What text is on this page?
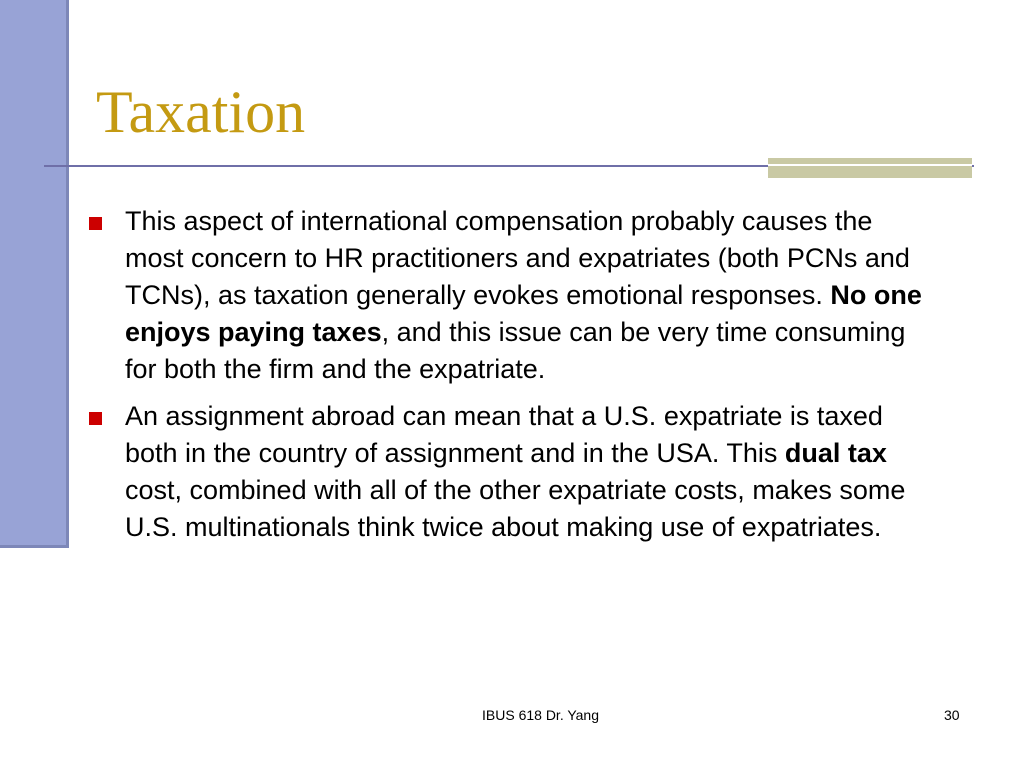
Taxation
This aspect of international compensation probably causes the most concern to HR practitioners and expatriates (both PCNs and TCNs), as taxation generally evokes emotional responses. No one enjoys paying taxes, and this issue can be very time consuming for both the firm and the expatriate.
An assignment abroad can mean that a U.S. expatriate is taxed both in the country of assignment and in the USA. This dual tax cost, combined with all of the other expatriate costs, makes some U.S. multinationals think twice about making use of expatriates.
IBUS 618 Dr. Yang	30
